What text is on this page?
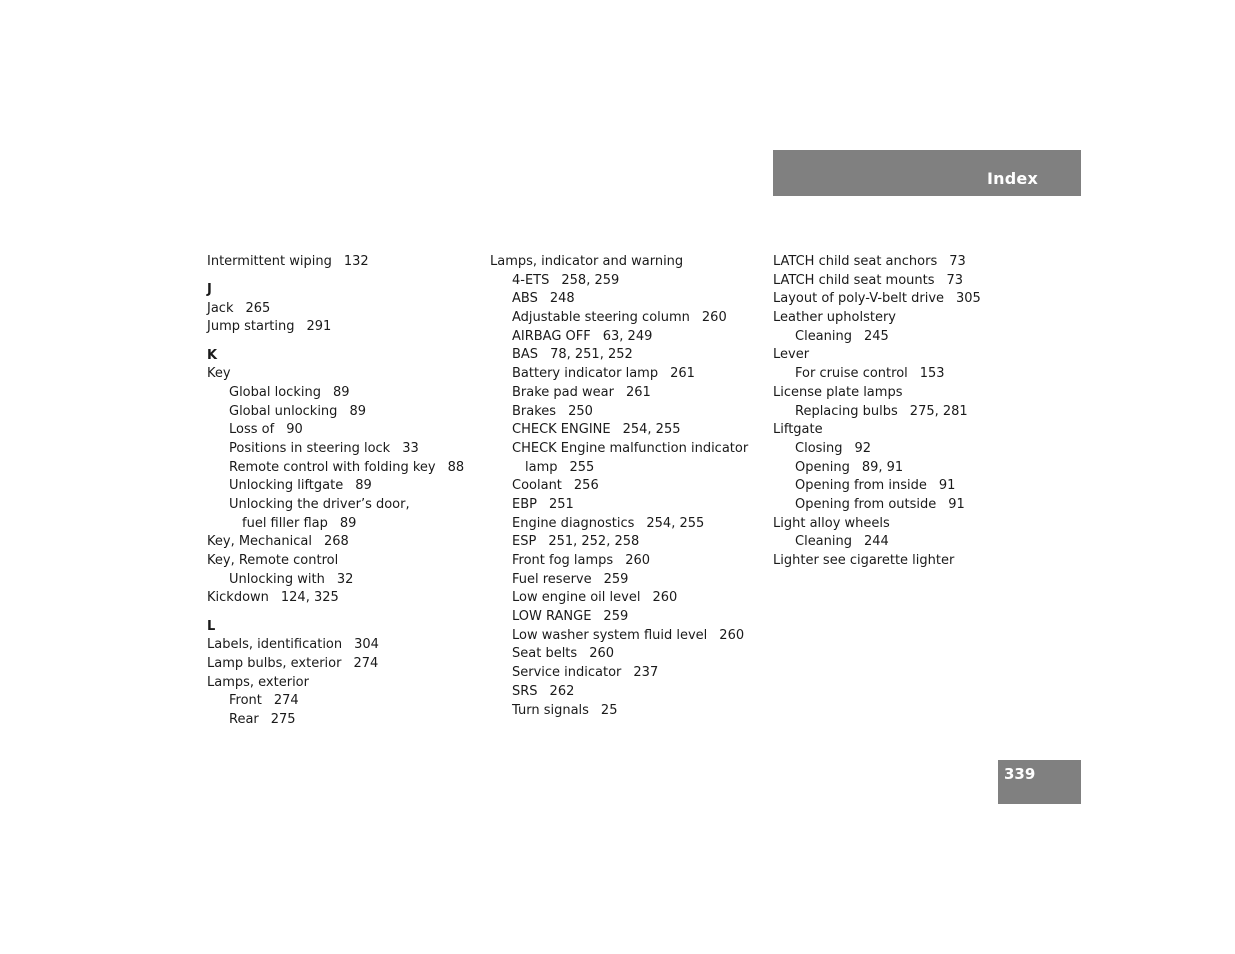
Index
Intermittent wiping 132
J
Jack 265
Jump starting 291
K
Key
Global locking 89
Global unlocking 89
Loss of 90
Positions in steering lock 33
Remote control with folding key 88
Unlocking liftgate 89
Unlocking the driver’s door,
fuel filler flap 89
Key, Mechanical 268
Key, Remote control
Unlocking with 32
Kickdown 124, 325
L
Labels, identification 304
Lamp bulbs, exterior 274
Lamps, exterior
Front 274
Rear 275
Lamps, indicator and warning
4-ETS 258, 259
ABS 248
Adjustable steering column 260
AIRBAG OFF 63, 249
BAS 78, 251, 252
Battery indicator lamp 261
Brake pad wear 261
Brakes 250
CHECK ENGINE 254, 255
CHECK Engine malfunction indicator
lamp 255
Coolant 256
EBP 251
Engine diagnostics 254, 255
ESP 251, 252, 258
Front fog lamps 260
Fuel reserve 259
Low engine oil level 260
LOW RANGE 259
Low washer system fluid level 260
Seat belts 260
Service indicator 237
SRS 262
Turn signals 25
LATCH child seat anchors 73
LATCH child seat mounts 73
Layout of poly-V-belt drive 305
Leather upholstery
Cleaning 245
Lever
For cruise control 153
License plate lamps
Replacing bulbs 275, 281
Liftgate
Closing 92
Opening 89, 91
Opening from inside 91
Opening from outside 91
Light alloy wheels
Cleaning 244
Lighter see cigarette lighter
339
